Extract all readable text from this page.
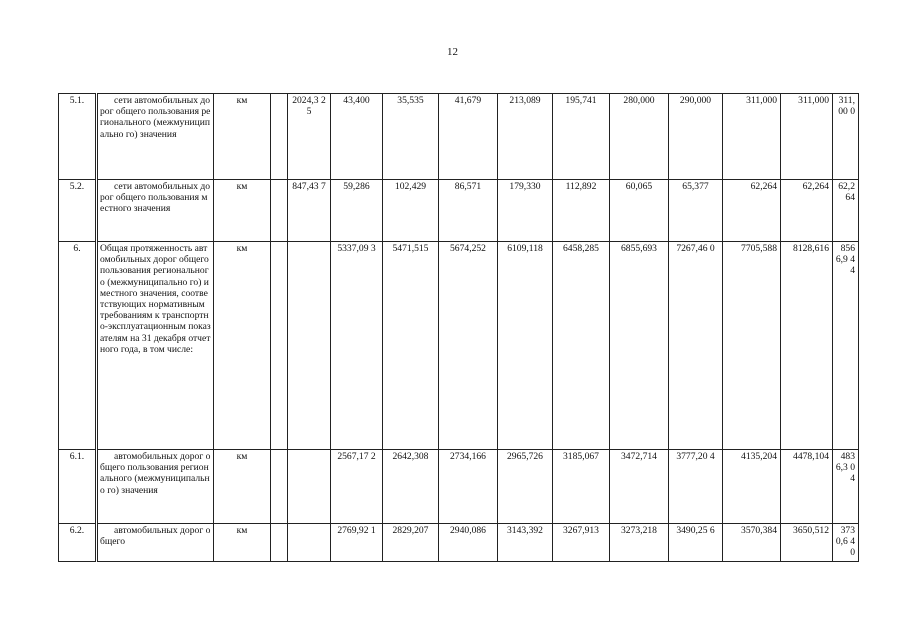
12
5.1.	сети автомобильных дорог общего пользования регионального (межмуниципально го) значения	км		2024,3 25	43,400	35,535	41,679	213,089	195,741	280,000	290,000	311,000	311,000	311,00 0
5.2.	сети автомобильных дорог общего пользования местного значения	км		847,43 7	59,286	102,429	86,571	179,330	112,892	60,065	65,377	62,264	62,264	62,264
6.	Общая протяженность автомобильных дорог общего пользования регионального (межмуниципально го) и местного значения, соответствующих нормативным требованиям к транспортно-эксплуатационным показателям на 31 декабря отчетного года, в том числе:	км			5337,09 3	5471,515	5674,252	6109,118	6458,285	6855,693	7267,46 0	7705,588	8128,616	8566,9 44
6.1.	автомобильных дорог общего пользования регионального (межмуниципально го) значения	км			2567,17 2	2642,308	2734,166	2965,726	3185,067	3472,714	3777,20 4	4135,204	4478,104	4836,3 04
6.2.	автомобильных дорог общего	км			2769,92 1	2829,207	2940,086	3143,392	3267,913	3273,218	3490,25 6	3570,384	3650,512	3730,6 40
